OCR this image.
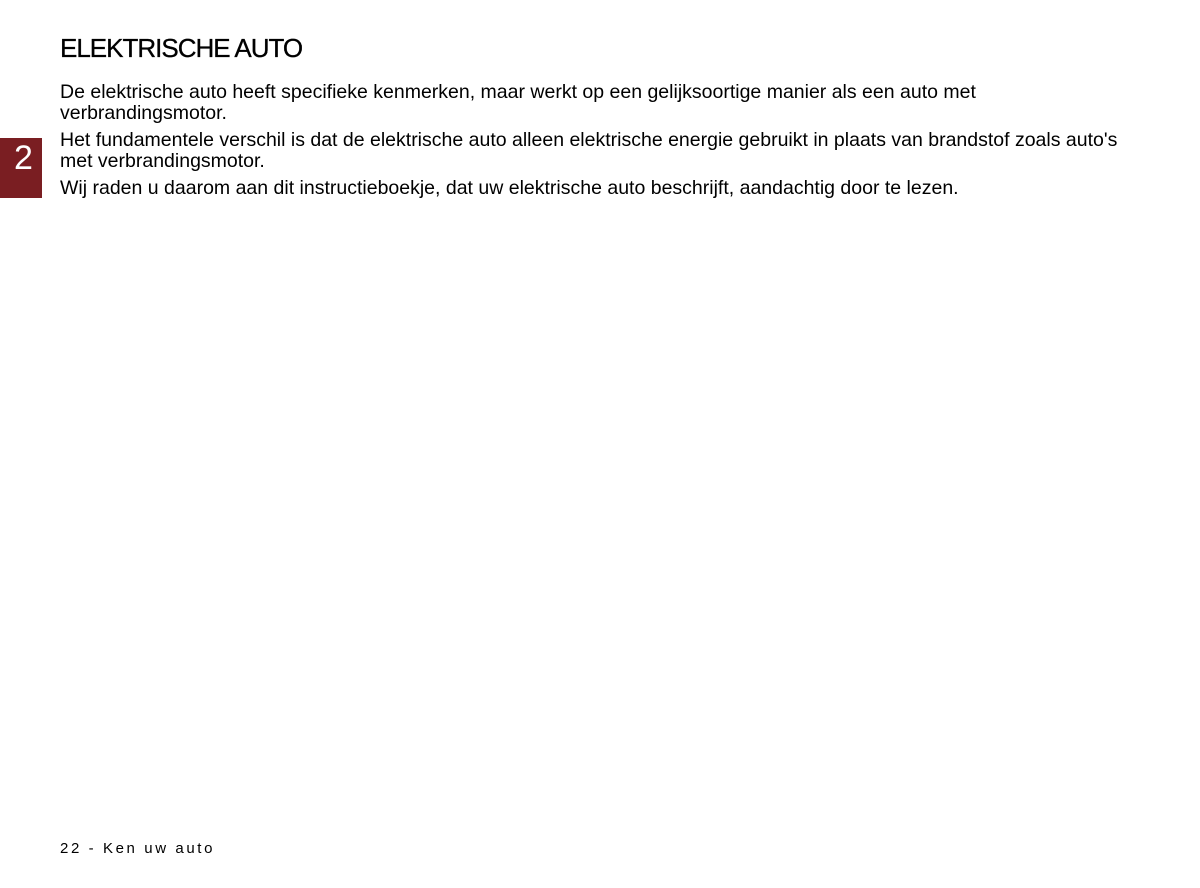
ELEKTRISCHE AUTO

De elektrische auto heeft specifieke kenmerken, maar werkt op een gelijksoortige manier als een auto met verbrandingsmotor.

Het fundamentele verschil is dat de elektrische auto alleen elektrische energie gebruikt in plaats van brandstof zoals auto's met verbrandingsmotor.

Wij raden u daarom aan dit instructieboekje, dat uw elektrische auto beschrijft, aandachtig door te lezen.

2
22 - Ken uw auto
